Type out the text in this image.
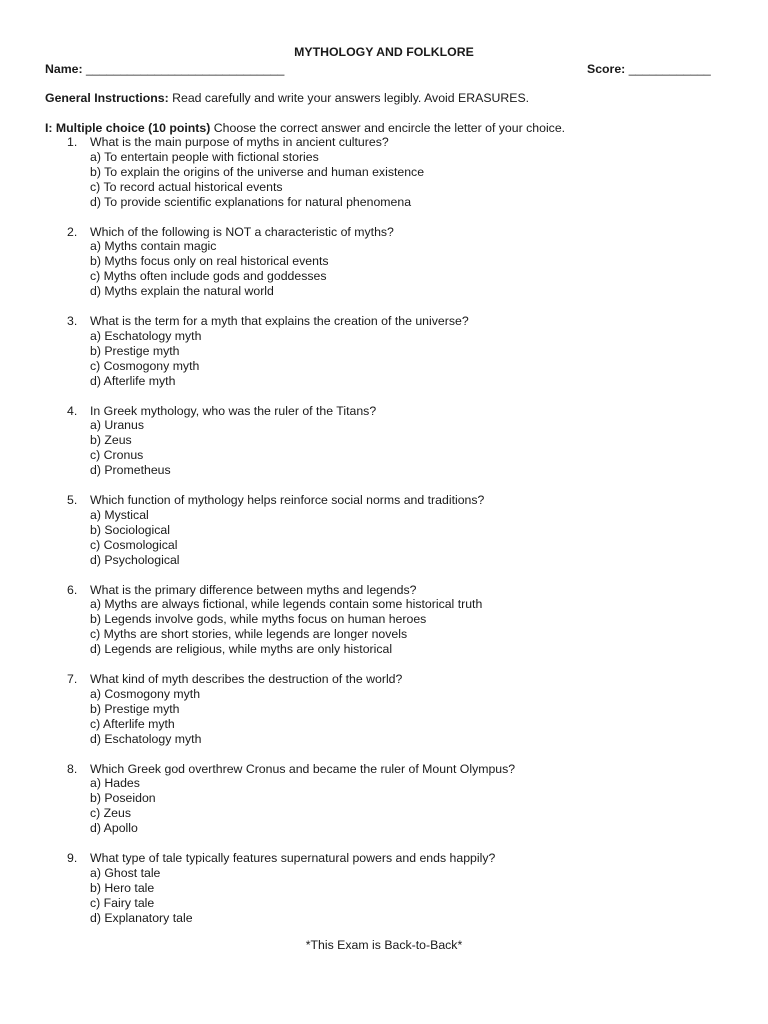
MYTHOLOGY AND FOLKLORE
Name: _____________________________	Score: ____________
General Instructions: Read carefully and write your answers legibly. Avoid ERASURES.
I: Multiple choice (10 points) Choose the correct answer and encircle the letter of your choice.
1. What is the main purpose of myths in ancient cultures?
a) To entertain people with fictional stories
b) To explain the origins of the universe and human existence
c) To record actual historical events
d) To provide scientific explanations for natural phenomena
2. Which of the following is NOT a characteristic of myths?
a) Myths contain magic
b) Myths focus only on real historical events
c) Myths often include gods and goddesses
d) Myths explain the natural world
3. What is the term for a myth that explains the creation of the universe?
a) Eschatology myth
b) Prestige myth
c) Cosmogony myth
d) Afterlife myth
4. In Greek mythology, who was the ruler of the Titans?
a) Uranus
b) Zeus
c) Cronus
d) Prometheus
5. Which function of mythology helps reinforce social norms and traditions?
a) Mystical
b) Sociological
c) Cosmological
d) Psychological
6. What is the primary difference between myths and legends?
a) Myths are always fictional, while legends contain some historical truth
b) Legends involve gods, while myths focus on human heroes
c) Myths are short stories, while legends are longer novels
d) Legends are religious, while myths are only historical
7. What kind of myth describes the destruction of the world?
a) Cosmogony myth
b) Prestige myth
c) Afterlife myth
d) Eschatology myth
8. Which Greek god overthrew Cronus and became the ruler of Mount Olympus?
a) Hades
b) Poseidon
c) Zeus
d) Apollo
9. What type of tale typically features supernatural powers and ends happily?
a) Ghost tale
b) Hero tale
c) Fairy tale
d) Explanatory tale
*This Exam is Back-to-Back*
